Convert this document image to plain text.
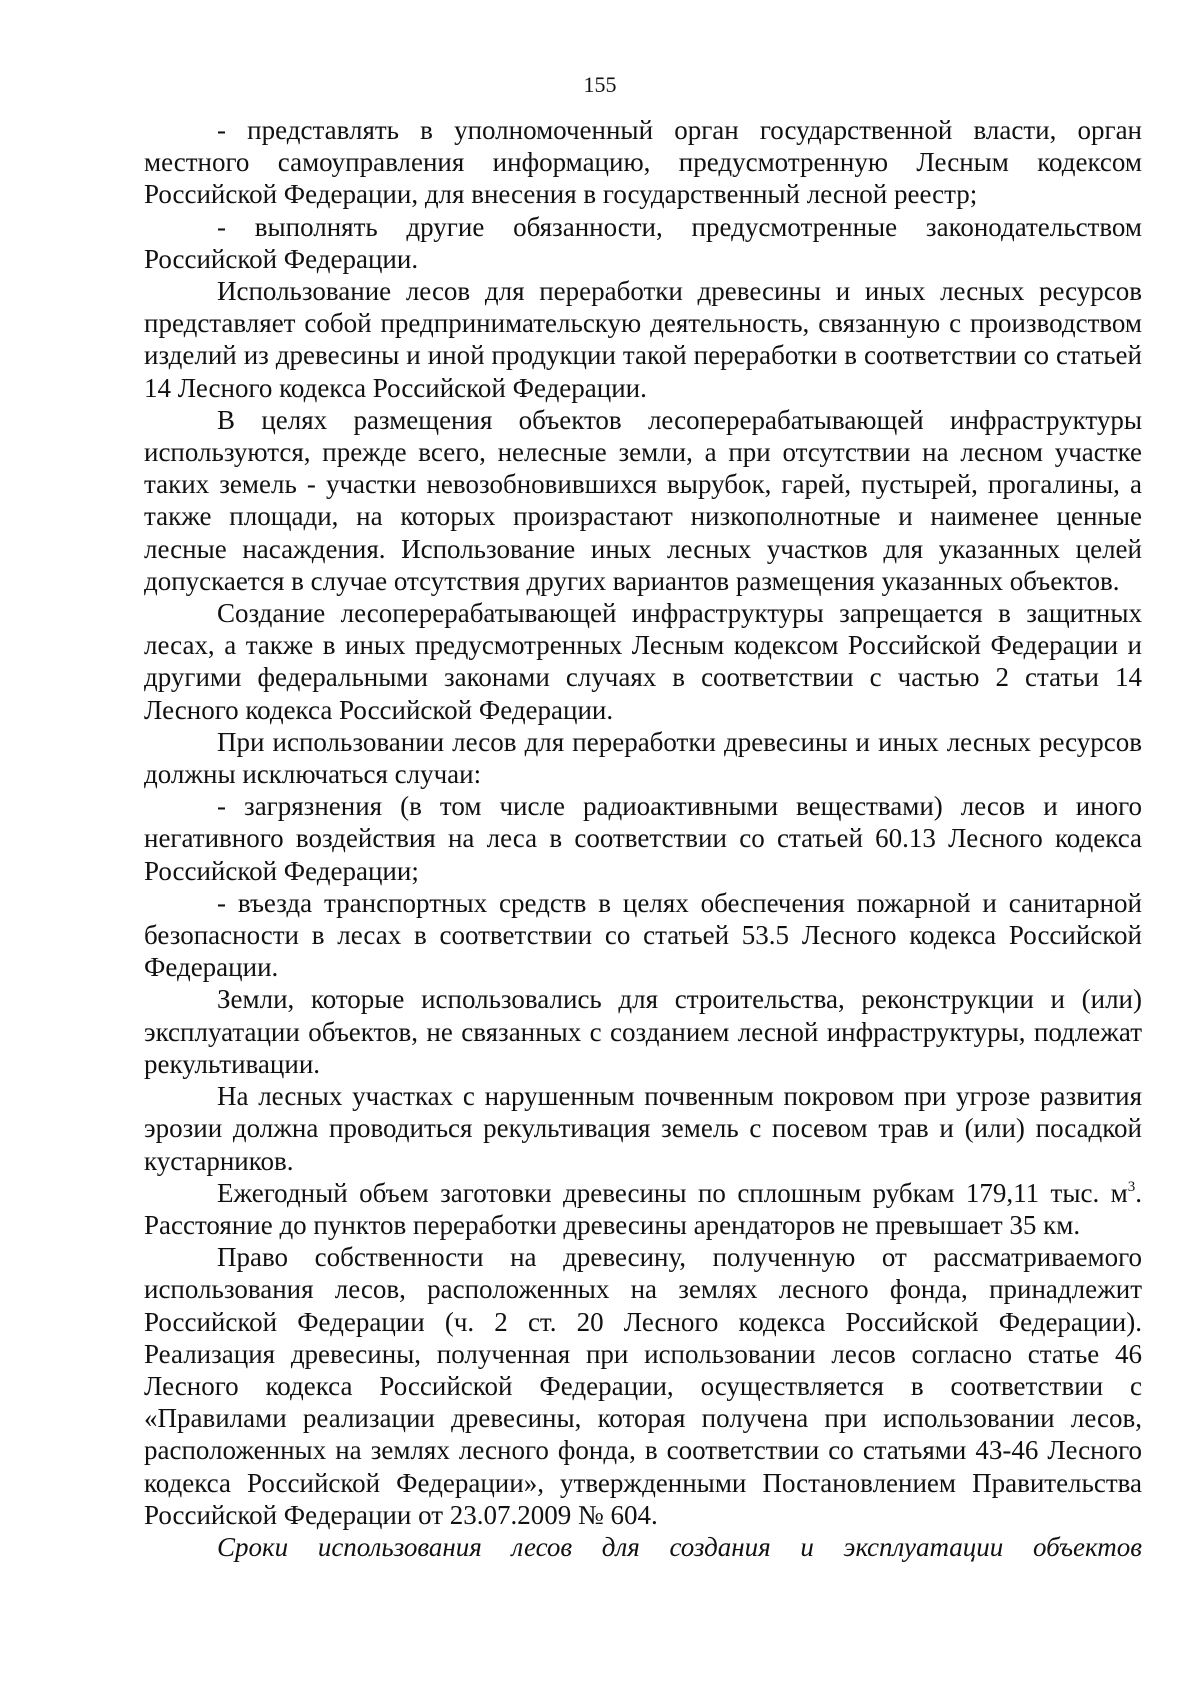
155

- представлять в уполномоченный орган государственной власти, орган местного самоуправления информацию, предусмотренную Лесным кодексом Российской Федерации, для внесения в государственный лесной реестр;

- выполнять другие обязанности, предусмотренные законодательством Российской Федерации.

Использование лесов для переработки древесины и иных лесных ресурсов представляет собой предпринимательскую деятельность, связанную с производством изделий из древесины и иной продукции такой переработки в соответствии со статьей 14 Лесного кодекса Российской Федерации.

В целях размещения объектов лесоперерабатывающей инфраструктуры используются, прежде всего, нелесные земли, а при отсутствии на лесном участке таких земель - участки невозобновившихся вырубок, гарей, пустырей, прогалины, а также площади, на которых произрастают низкополнотные и наименее ценные лесные насаждения. Использование иных лесных участков для указанных целей допускается в случае отсутствия других вариантов размещения указанных объектов.

Создание лесоперерабатывающей инфраструктуры запрещается в защитных лесах, а также в иных предусмотренных Лесным кодексом Российской Федерации и другими федеральными законами случаях в соответствии с частью 2 статьи 14 Лесного кодекса Российской Федерации.

При использовании лесов для переработки древесины и иных лесных ресурсов должны исключаться случаи:

- загрязнения (в том числе радиоактивными веществами) лесов и иного негативного воздействия на леса в соответствии со статьей 60.13 Лесного кодекса Российской Федерации;

- въезда транспортных средств в целях обеспечения пожарной и санитарной безопасности в лесах в соответствии со статьей 53.5 Лесного кодекса Российской Федерации.

Земли, которые использовались для строительства, реконструкции и (или) эксплуатации объектов, не связанных с созданием лесной инфраструктуры, подлежат рекультивации.

На лесных участках с нарушенным почвенным покровом при угрозе развития эрозии должна проводиться рекультивация земель с посевом трав и (или) посадкой кустарников.

Ежегодный объем заготовки древесины по сплошным рубкам 179,11 тыс. $м^3$. Расстояние до пунктов переработки древесины арендаторов не превышает 35 км.

Право собственности на древесину, полученную от рассматриваемого использования лесов, расположенных на землях лесного фонда, принадлежит Российской Федерации (ч. 2 ст. 20 Лесного кодекса Российской Федерации). Реализация древесины, полученная при использовании лесов согласно статье 46 Лесного кодекса Российской Федерации, осуществляется в соответствии с «Правилами реализации древесины, которая получена при использовании лесов, расположенных на землях лесного фонда, в соответствии со статьями 43-46 Лесного кодекса Российской Федерации», утвержденными Постановлением Правительства Российской Федерации от 23.07.2009 № 604.

Сроки использования лесов для создания и эксплуатации объектов
